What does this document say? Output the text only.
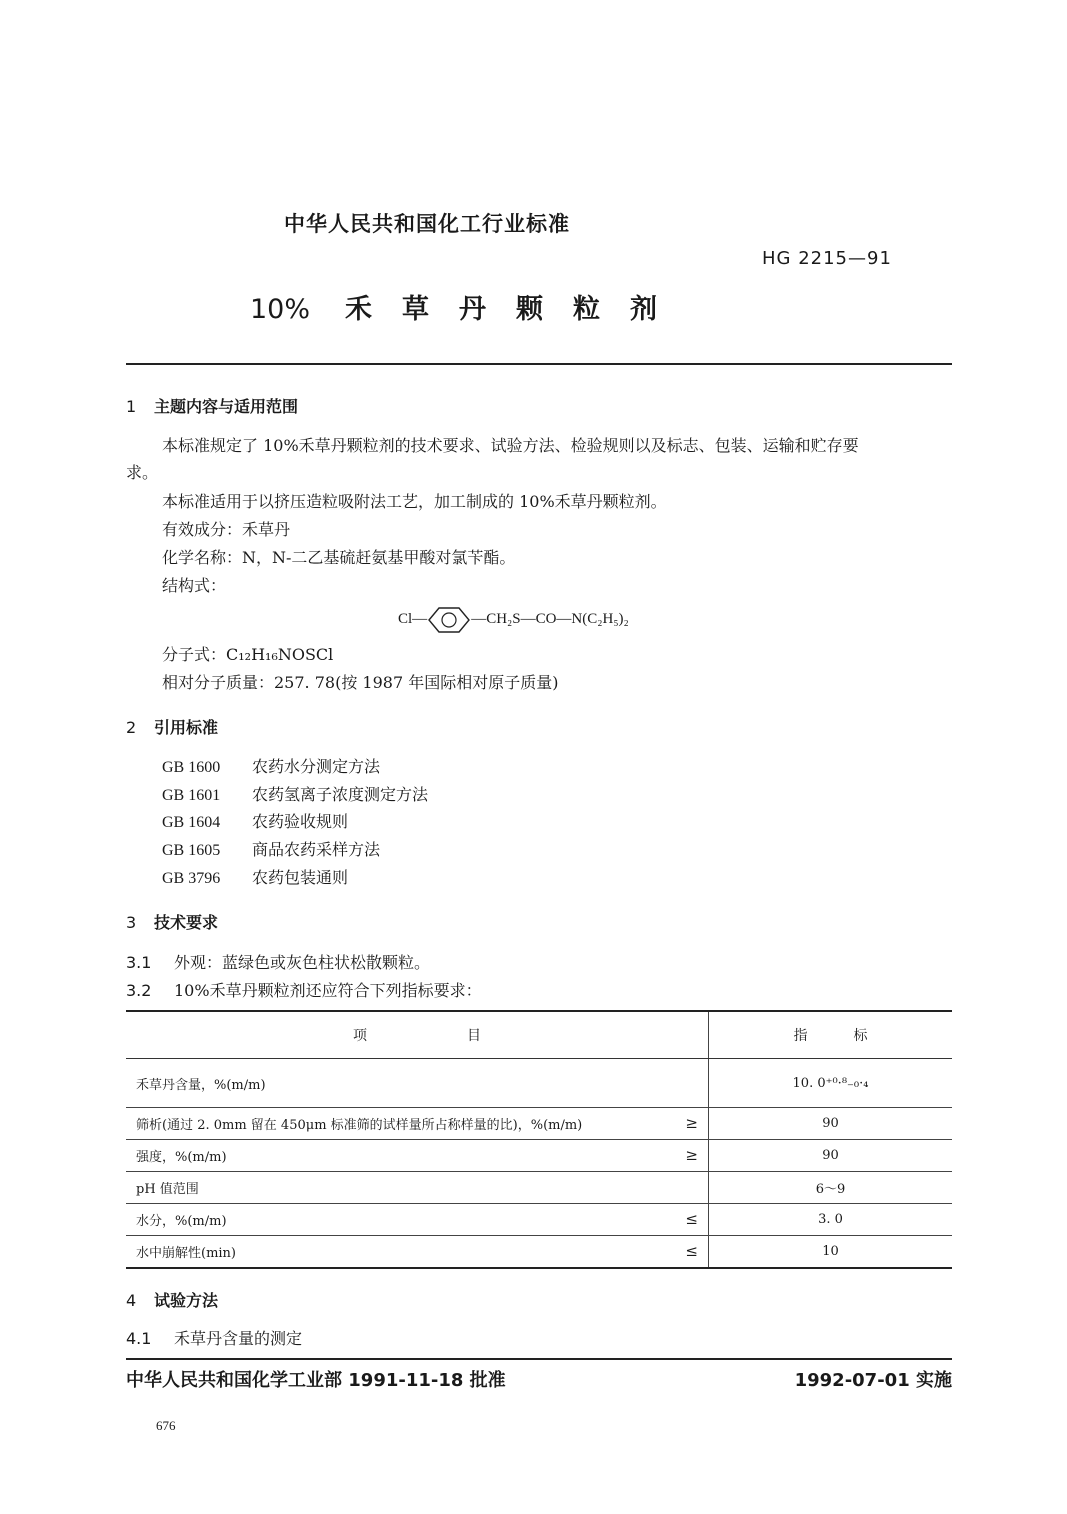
中华人民共和国化工行业标准
HG 2215—91
10% 禾 草 丹 颗 粒 剂
1 主题内容与适用范围
本标准规定了 10%禾草丹颗粒剂的技术要求、试验方法、检验规则以及标志、包装、运输和贮存要
求。
本标准适用于以挤压造粒吸附法工艺，加工制成的 10%禾草丹颗粒剂。
有效成分：禾草丹
化学名称：N，N-二乙基硫赶氨基甲酸对氯苄酯。
结构式：
Cl—	—CH₂S—CO—N(C₂H₅)₂
分子式：C₁₂H₁₆NOSCl
相对分子质量：257. 78(按 1987 年国际相对原子质量)
2 引用标准
GB 1600 农药水分测定方法
GB 1601 农药氢离子浓度测定方法
GB 1604 农药验收规则
GB 1605 商品农药采样方法
GB 3796 农药包装通则
3 技术要求
3.1 外观：蓝绿色或灰色柱状松散颗粒。
3.2 10%禾草丹颗粒剂还应符合下列指标要求：
项 目	指 标
禾草丹含量，%(m/m)	10. 0⁺⁰·⁸₋₀·₄
筛析(通过 2. 0mm 留在 450μm 标准筛的试样量所占称样量的比)，%(m/m) ≥	90
强度，%(m/m) ≥	90
pH 值范围	6～9
水分，%(m/m) ≤	3. 0
水中崩解性(min) ≤	10
4 试验方法
4.1 禾草丹含量的测定
中华人民共和国化学工业部 1991-11-18 批准	1992-07-01 实施
676
